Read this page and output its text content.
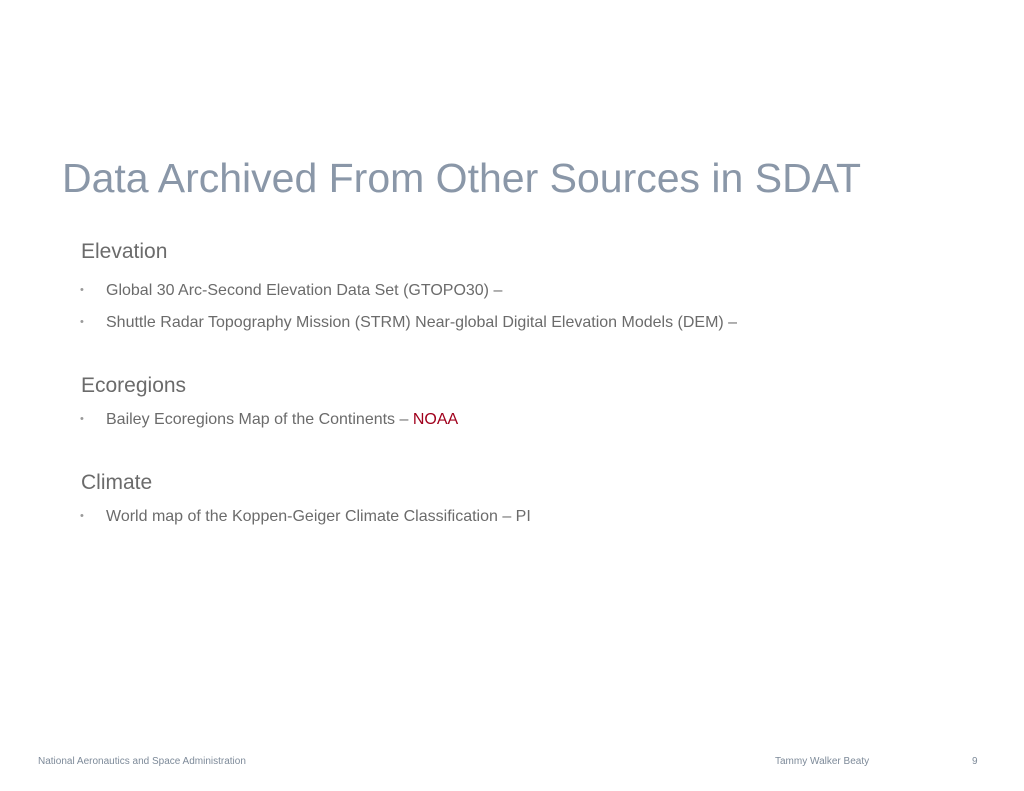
Data Archived From Other Sources in SDAT
Elevation
• Global 30 Arc-Second Elevation Data Set (GTOPO30) –
• Shuttle Radar Topography Mission (STRM) Near-global Digital Elevation Models (DEM) –
Ecoregions
• Bailey Ecoregions Map of the Continents – NOAA
Climate
• World map of the Koppen-Geiger Climate Classification – PI
National Aeronautics and Space Administration	Tammy Walker Beaty	9
